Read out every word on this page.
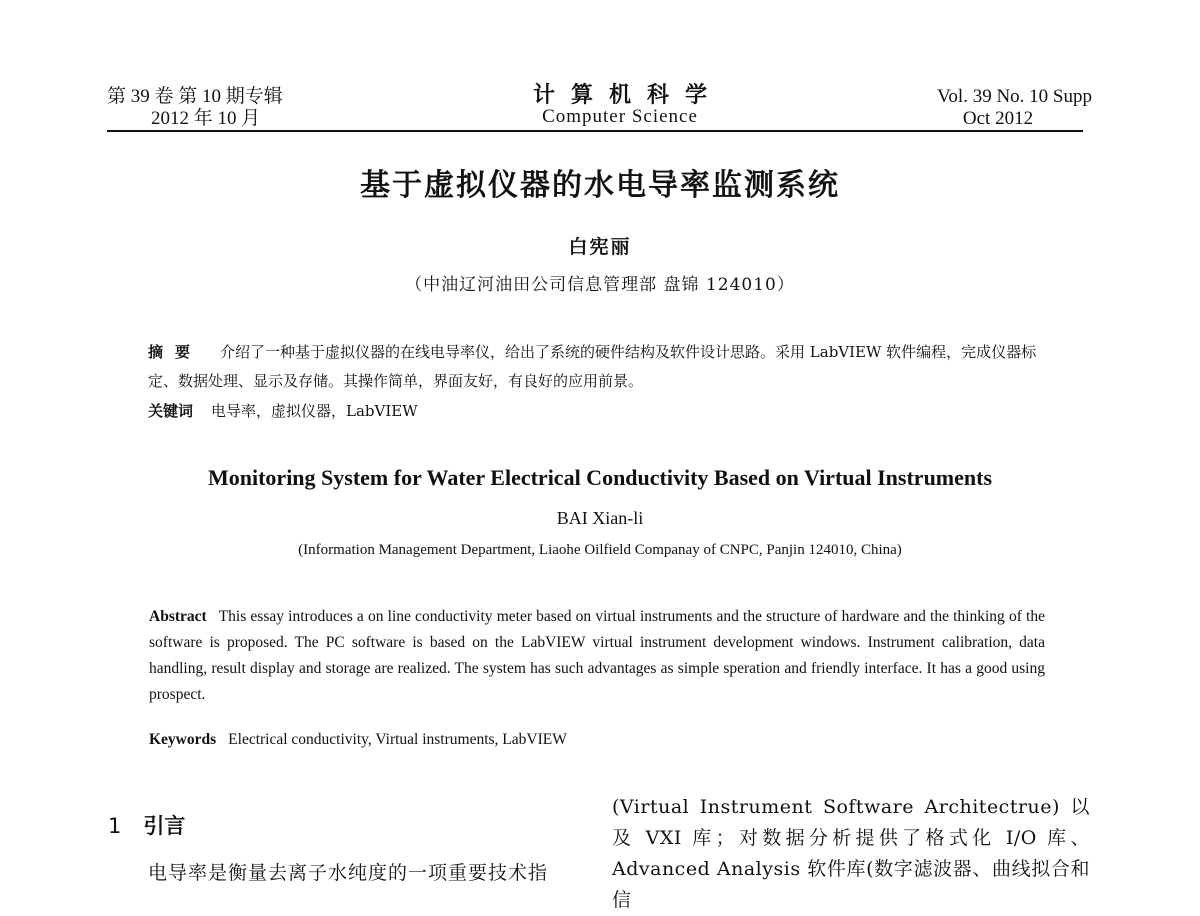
第 39 卷 第 10 期专辑
2012 年 10 月
计算机科学
Computer Science
Vol. 39 No. 10 Supp
Oct 2012
基于虚拟仪器的水电导率监测系统
白宪丽
（中油辽河油田公司信息管理部 盘锦 124010）
摘要 介绍了一种基于虚拟仪器的在线电导率仪，给出了系统的硬件结构及软件设计思路。采用 LabVIEW 软件编程，完成仪器标定、数据处理、显示及存储。其操作简单，界面友好，有良好的应用前景。
关键词 电导率，虚拟仪器，LabVIEW
Monitoring System for Water Electrical Conductivity Based on Virtual Instruments
BAI Xian-li
(Information Management Department, Liaohe Oilfield Companay of CNPC, Panjin 124010, China)
Abstract This essay introduces a on line conductivity meter based on virtual instruments and the structure of hardware and the thinking of the software is proposed. The PC software is based on the LabVIEW virtual instrument development windows. Instrument calibration, data handling, result display and storage are realized. The system has such advantages as simple speration and friendly interface. It has a good using prospect.
Keywords Electrical conductivity, Virtual instruments, LabVIEW
1 引言
电导率是衡量去离子水纯度的一项重要技术指
(Virtual Instrument Software Architectrue) 以及 VXI 库；对数据分析提供了格式化 I/O 库、Advanced Analysis 软件库(数字滤波器、曲线拟合和信
